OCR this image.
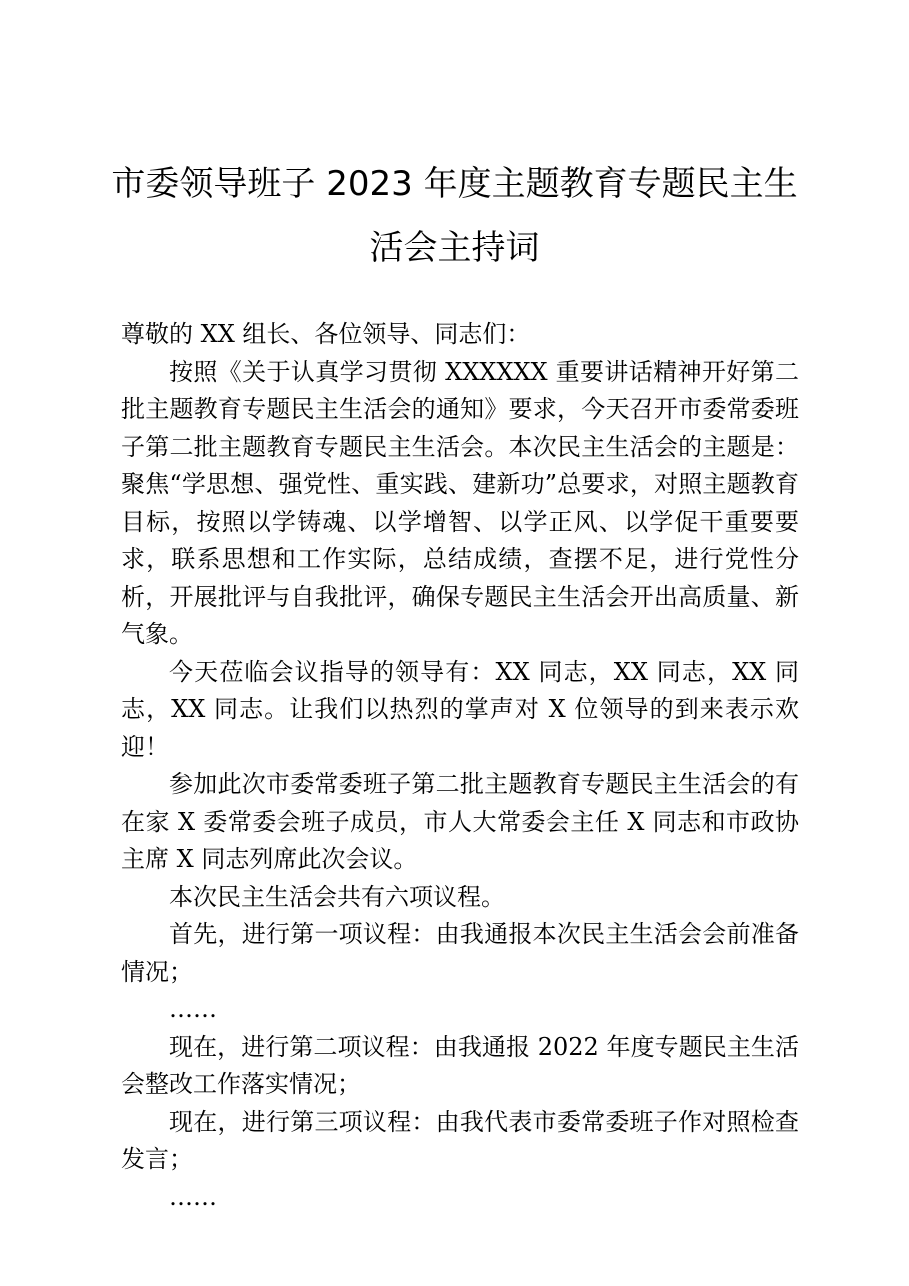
市委领导班子 2023 年度主题教育专题民主生
活会主持词

尊敬的 XX 组长、各位领导、同志们：

按照《关于认真学习贯彻 XXXXXX 重要讲话精神开好第二批主题教育专题民主生活会的通知》要求，今天召开市委常委班子第二批主题教育专题民主生活会。本次民主生活会的主题是：聚焦“学思想、强党性、重实践、建新功”总要求，对照主题教育目标，按照以学铸魂、以学增智、以学正风、以学促干重要要求，联系思想和工作实际，总结成绩，查摆不足，进行党性分析，开展批评与自我批评，确保专题民主生活会开出高质量、新气象。

今天莅临会议指导的领导有：XX 同志，XX 同志，XX 同志，XX 同志。让我们以热烈的掌声对 X 位领导的到来表示欢迎！

参加此次市委常委班子第二批主题教育专题民主生活会的有在家 X 委常委会班子成员，市人大常委会主任 X 同志和市政协主席 X 同志列席此次会议。

本次民主生活会共有六项议程。

首先，进行第一项议程：由我通报本次民主生活会会前准备情况；

……

现在，进行第二项议程：由我通报 2022 年度专题民主生活会整改工作落实情况；

现在，进行第三项议程：由我代表市委常委班子作对照检查发言；

……
